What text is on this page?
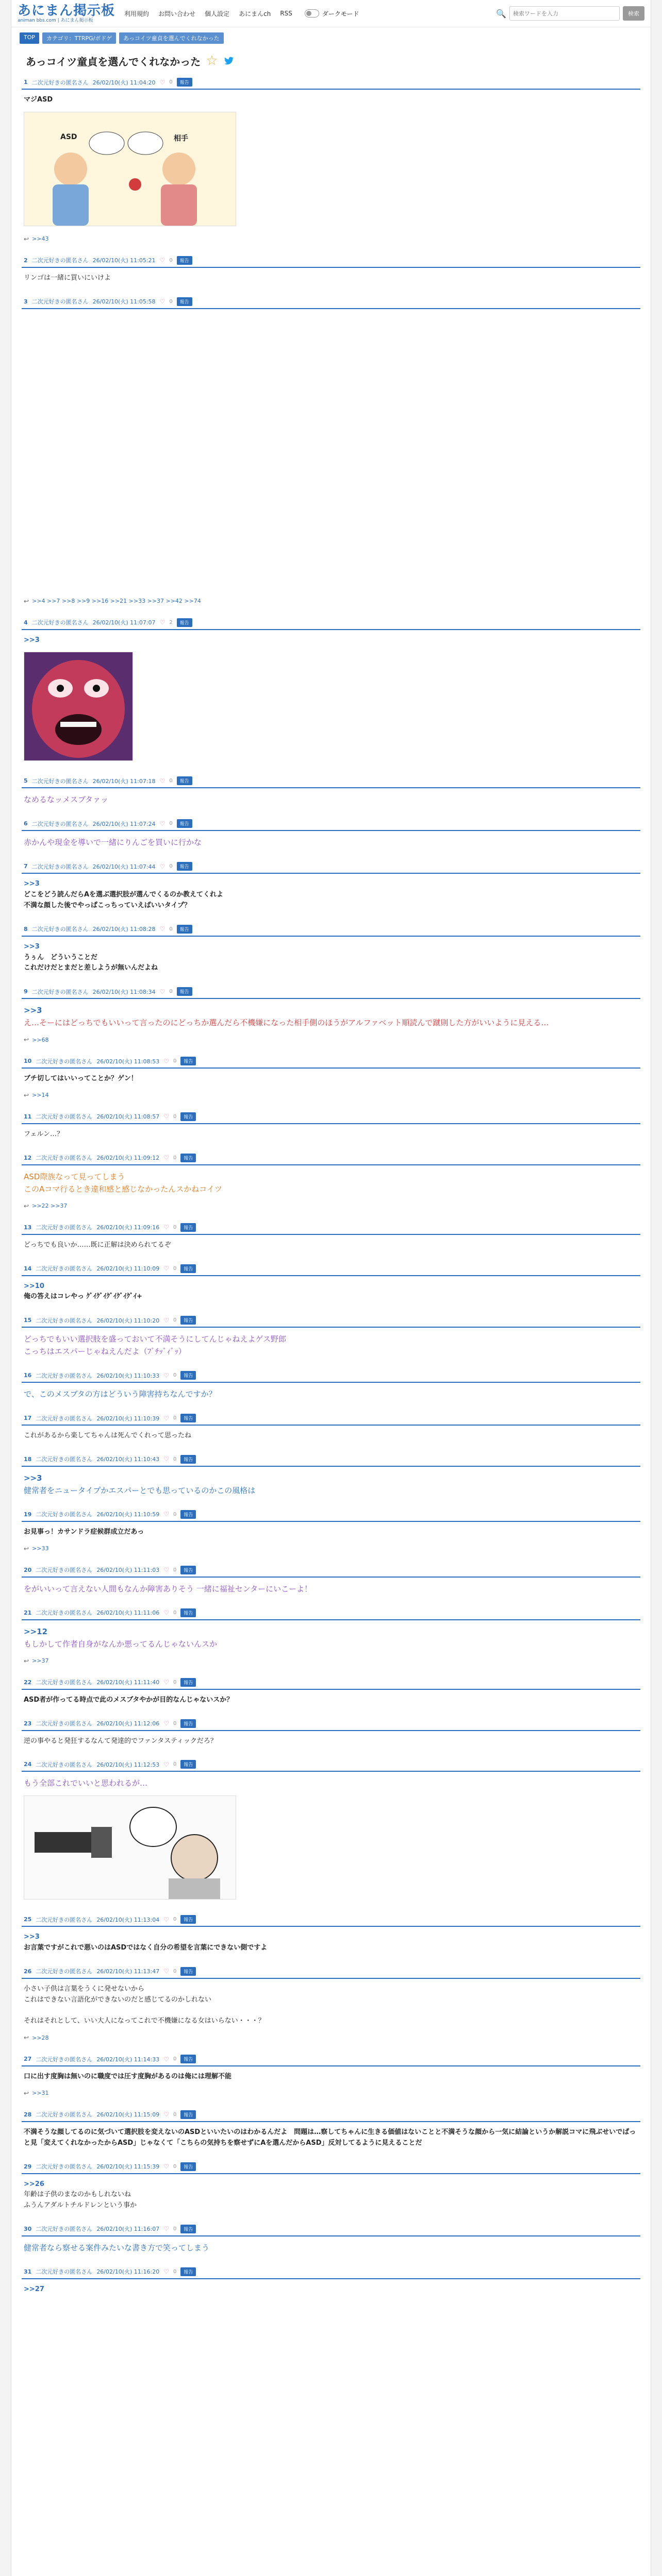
あにまん掲示板
animan bbs.com | あにまん掲示板
利用規約 お問い合わせ 個人設定 あにまんch RSS	ダークモード	🔍
検索ワードを入力	検索
TOP	カテゴリ：TTRPG/ボドゲ	あっコイツ童貞を選んでくれなかった
あっコイツ童貞を選んでくれなかった ☆
1 二次元好きの匿名さん 26/02/10(火) 11:04:20 ♡ 0	報告
マジASD
ASD	相手
↩ >>43
2 二次元好きの匿名さん 26/02/10(火) 11:05:21 ♡ 0	報告
リンゴは一緒に買いにいけよ
3 二次元好きの匿名さん 26/02/10(火) 11:05:58 ♡ 0	報告
↩ >>4 >>7 >>8 >>9 >>16 >>21 >>33 >>37 >>42 >>74
4 二次元好きの匿名さん 26/02/10(火) 11:07:07 ♡ 2	報告
>>3
5 二次元好きの匿名さん 26/02/10(火) 11:07:18 ♡ 0	報告
なめるなッメスブタァッ
6 二次元好きの匿名さん 26/02/10(火) 11:07:24 ♡ 0	報告
赤かんや現金を導いで一緒にりんごを買いに行かな
7 二次元好きの匿名さん 26/02/10(火) 11:07:44 ♡ 0	報告
>>3
どこをどう読んだらAを選ぶ選択肢が選んでくるのか教えてくれよ
不満な顔した後でやっぱこっちっていえばいいタイプ？
8 二次元好きの匿名さん 26/02/10(火) 11:08:28 ♡ 0	報告
>>3
うぅん　どういうことだ
これだけだとまだと差しようが無いんだよね
9 二次元好きの匿名さん 26/02/10(火) 11:08:34 ♡ 0	報告
>>3
え…そーにはどっちでもいいって言ったのにどっちか選んだら不機嫌になった相手側のほうがアルファベット順読んで蹴則した方がいいように見える…
↩ >>68
10 二次元好きの匿名さん 26/02/10(火) 11:08:53 ♡ 0	報告
ブチ切してはいいってことか？ゲン！
↩ >>14
11 二次元好きの匿名さん 26/02/10(火) 11:08:57 ♡ 0	報告
フェルン…？
12 二次元好きの匿名さん 26/02/10(火) 11:09:12 ♡ 0	報告
ASD際族なって見ってしまう
このAコマ行るとき違和感と感じなかったんスかねコイツ
↩ >>22 >>37
13 二次元好きの匿名さん 26/02/10(火) 11:09:16 ♡ 0	報告
どっちでも良いか……既に正解は決められてるぞ
14 二次元好きの匿名さん 26/02/10(火) 11:10:09 ♡ 0	報告
>>10
俺の答えはコレやっ ｸﾞｲｸﾞｲｸﾞｲｸﾞｲｸﾞｲ+
15 二次元好きの匿名さん 26/02/10(火) 11:10:20 ♡ 0	報告
どっちでもいい選択肢を盛っておいて不満そうにしてんじゃねえよゲス野郎
こっちはエスパーじゃねえんだよ（ﾌﾞﾁｯﾞｨﾞｯ）
16 二次元好きの匿名さん 26/02/10(火) 11:10:33 ♡ 0	報告
で、このメスブタの方はどういう障害持ちなんですか？
17 二次元好きの匿名さん 26/02/10(火) 11:10:39 ♡ 0	報告
これがあるから楽してちゃんは死んでくれって思ったね
18 二次元好きの匿名さん 26/02/10(火) 11:10:43 ♡ 0	報告
>>3
健常者をニュータイプかエスパーとでも思っているのかこの風格は
19 二次元好きの匿名さん 26/02/10(火) 11:10:59 ♡ 0	報告
お見事っ！カサンドラ症候群成立だあっ
↩ >>33
20 二次元好きの匿名さん 26/02/10(火) 11:11:03 ♡ 0	報告
をがいいって言えない人間もなんか障害ありそう 一緒に福祉センターにいこーよ！
21 二次元好きの匿名さん 26/02/10(火) 11:11:06 ♡ 0	報告
>>12
もしかして作者自身がなんか悪ってるんじゃないんスか
↩ >>37
22 二次元好きの匿名さん 26/02/10(火) 11:11:40 ♡ 0	報告
ASD者が作ってる時点で此のメスブタやかが目的なんじゃないスか？
23 二次元好きの匿名さん 26/02/10(火) 11:12:06 ♡ 0	報告
逆の事やると発狂するなんて発達的でファンタスティックだろ？
24 二次元好きの匿名さん 26/02/10(火) 11:12:53 ♡ 0	報告
もう全部これでいいと思われるが…
25 二次元好きの匿名さん 26/02/10(火) 11:13:04 ♡ 0	報告
>>3
お言葉ですがこれで悪いのはASDではなく自分の希望を言葉にできない側ですよ
26 二次元好きの匿名さん 26/02/10(火) 11:13:47 ♡ 0	報告
小さい子供は言葉をうくに発せないから
これはできない言語化ができないのだと感じてるのかしれない

それはそれとして、いい大人になってこれで不機嫌になる女はいらない・・・？
↩ >>28
27 二次元好きの匿名さん 26/02/10(火) 11:14:33 ♡ 0	報告
口に出す度胸は無いのに職度では圧す度胸があるのは俺には理解不能
↩ >>31
28 二次元好きの匿名さん 26/02/10(火) 11:15:09 ♡ 0	報告
不満そうな顔してるのに気づいて選択肢を変えないのASDといいたいのはわかるんだよ　問題は…察してちゃんに生きる価値はないことと不満そうな顔から一気に結論というか解説コマに飛ぶせいでぱっと見「変えてくれなかったからASD」じゃなくて「こちらの気持ちを察せずにAを選んだからASD」反対してるように見えることだ
29 二次元好きの匿名さん 26/02/10(火) 11:15:39 ♡ 0	報告
>>26
年齢は子供のまなのかもしれないね
ふうんアダルトチルドレンという事か
30 二次元好きの匿名さん 26/02/10(火) 11:16:07 ♡ 0	報告
健常者なら察せる案件みたいな書き方で笑ってしまう
31 二次元好きの匿名さん 26/02/10(火) 11:16:20 ♡ 0	報告
>>27
